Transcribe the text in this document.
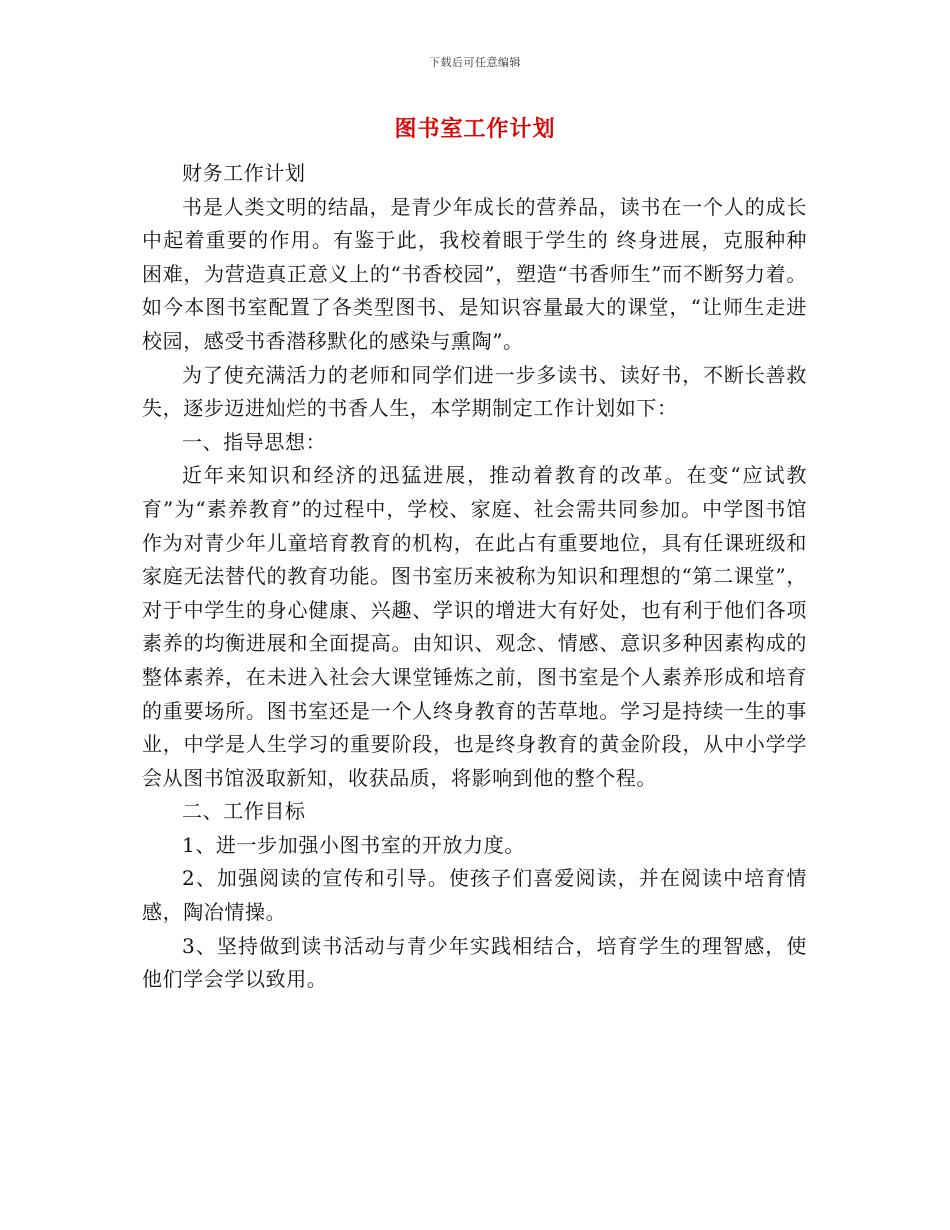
下载后可任意编辑
图书室工作计划

财务工作计划

书是人类文明的结晶，是青少年成长的营养品，读书在一个人的成长中起着重要的作用。有鉴于此，我校着眼于学生的 终身进展，克服种种困难，为营造真正意义上的“书香校园”，塑造“书香师生”而不断努力着。如今本图书室配置了各类型图书、是知识容量最大的课堂，“让师生走进校园，感受书香潜移默化的感染与熏陶”。

为了使充满活力的老师和同学们进一步多读书、读好书，不断长善救失，逐步迈进灿烂的书香人生，本学期制定工作计划如下：

一、指导思想：

近年来知识和经济的迅猛进展，推动着教育的改革。在变“应试教育”为“素养教育”的过程中，学校、家庭、社会需共同参加。中学图书馆作为对青少年儿童培育教育的机构，在此占有重要地位，具有任课班级和家庭无法替代的教育功能。图书室历来被称为知识和理想的“第二课堂”，对于中学生的身心健康、兴趣、学识的增进大有好处，也有利于他们各项素养的均衡进展和全面提高。由知识、观念、情感、意识多种因素构成的整体素养，在未进入社会大课堂锤炼之前，图书室是个人素养形成和培育的重要场所。图书室还是一个人终身教育的苦草地。学习是持续一生的事业，中学是人生学习的重要阶段，也是终身教育的黄金阶段，从中小学学会从图书馆汲取新知，收获品质，将影响到他的整个程。

二、工作目标

1、进一步加强小图书室的开放力度。

2、加强阅读的宣传和引导。使孩子们喜爱阅读，并在阅读中培育情感，陶冶情操。

3、坚持做到读书活动与青少年实践相结合，培育学生的理智感，使他们学会学以致用。
